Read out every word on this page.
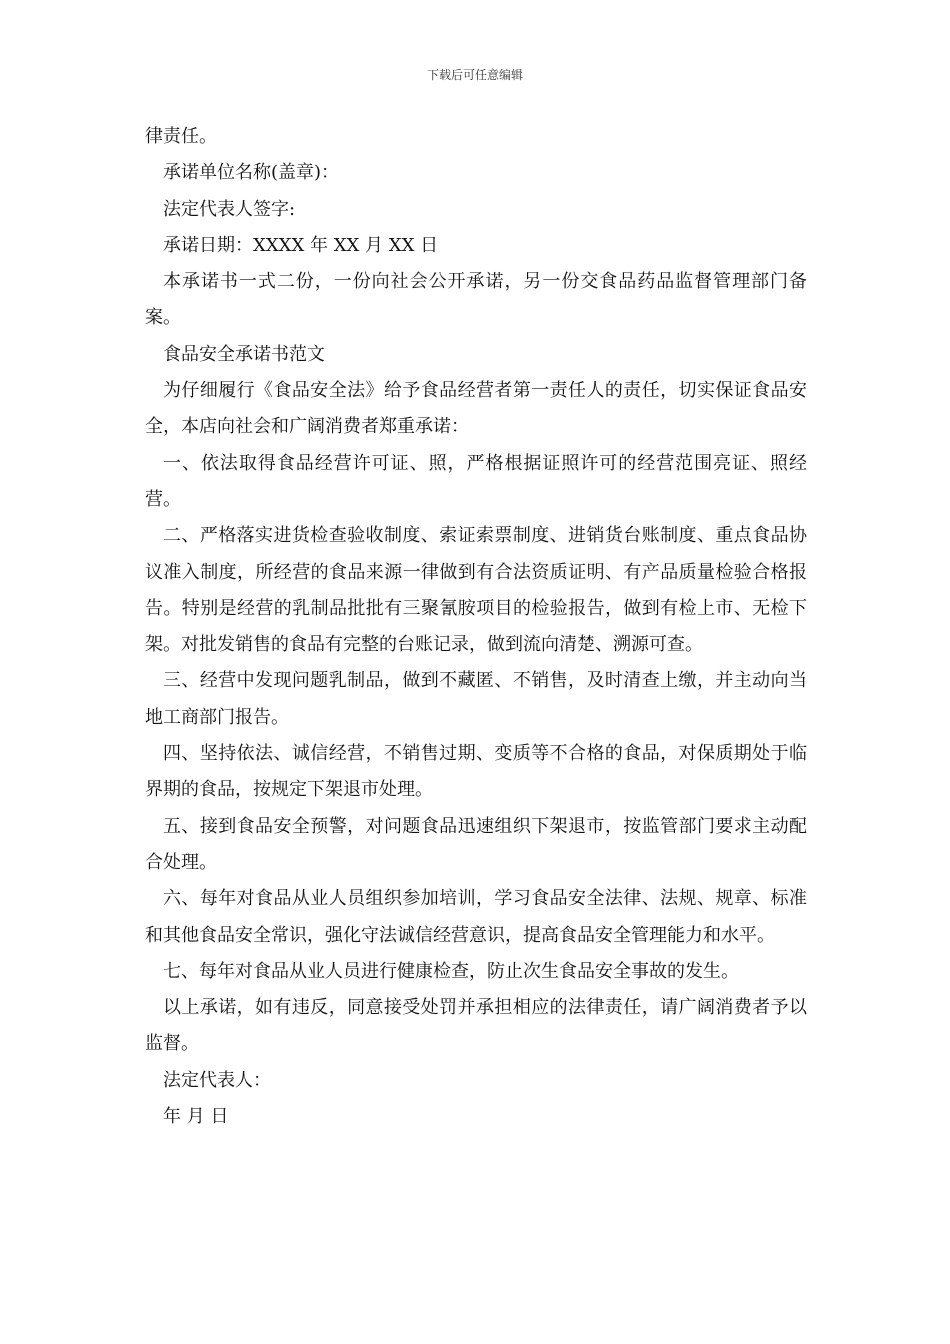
下载后可任意编辑

律责任。

承诺单位名称(盖章)：

法定代表人签字:

承诺日期：XXXX 年 XX 月 XX 日

本承诺书一式二份，一份向社会公开承诺，另一份交食品药品监督管理部门备案。

食品安全承诺书范文

为仔细履行《食品安全法》给予食品经营者第一责任人的责任，切实保证食品安全，本店向社会和广阔消费者郑重承诺：

一、依法取得食品经营许可证、照，严格根据证照许可的经营范围亮证、照经营。

二、严格落实进货检查验收制度、索证索票制度、进销货台账制度、重点食品协议准入制度，所经营的食品来源一律做到有合法资质证明、有产品质量检验合格报告。特别是经营的乳制品批批有三聚氰胺项目的检验报告，做到有检上市、无检下架。对批发销售的食品有完整的台账记录，做到流向清楚、溯源可查。

三、经营中发现问题乳制品，做到不藏匿、不销售，及时清查上缴，并主动向当地工商部门报告。

四、坚持依法、诚信经营，不销售过期、变质等不合格的食品，对保质期处于临界期的食品，按规定下架退市处理。

五、接到食品安全预警，对问题食品迅速组织下架退市，按监管部门要求主动配合处理。

六、每年对食品从业人员组织参加培训，学习食品安全法律、法规、规章、标准和其他食品安全常识，强化守法诚信经营意识，提高食品安全管理能力和水平。

七、每年对食品从业人员进行健康检查，防止次生食品安全事故的发生。

以上承诺，如有违反，同意接受处罚并承担相应的法律责任，请广阔消费者予以监督。

法定代表人：

年 月 日
